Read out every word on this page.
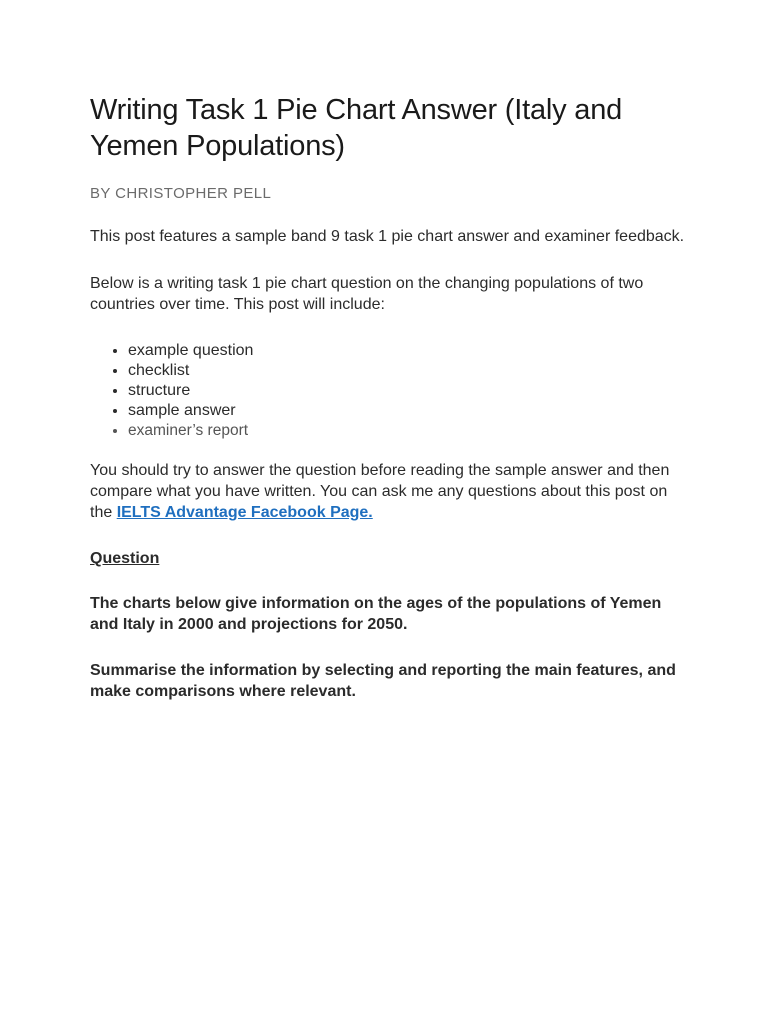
Writing Task 1 Pie Chart Answer (Italy and Yemen Populations)
BY CHRISTOPHER PELL

This post features a sample band 9 task 1 pie chart answer and examiner feedback.

Below is a writing task 1 pie chart question on the changing populations of two countries over time. This post will include:

• example question
• checklist
• structure
• sample answer
• examiner’s report

You should try to answer the question before reading the sample answer and then compare what you have written. You can ask me any questions about this post on the IELTS Advantage Facebook Page.

Question

The charts below give information on the ages of the populations of Yemen and Italy in 2000 and projections for 2050.

Summarise the information by selecting and reporting the main features, and make comparisons where relevant.
